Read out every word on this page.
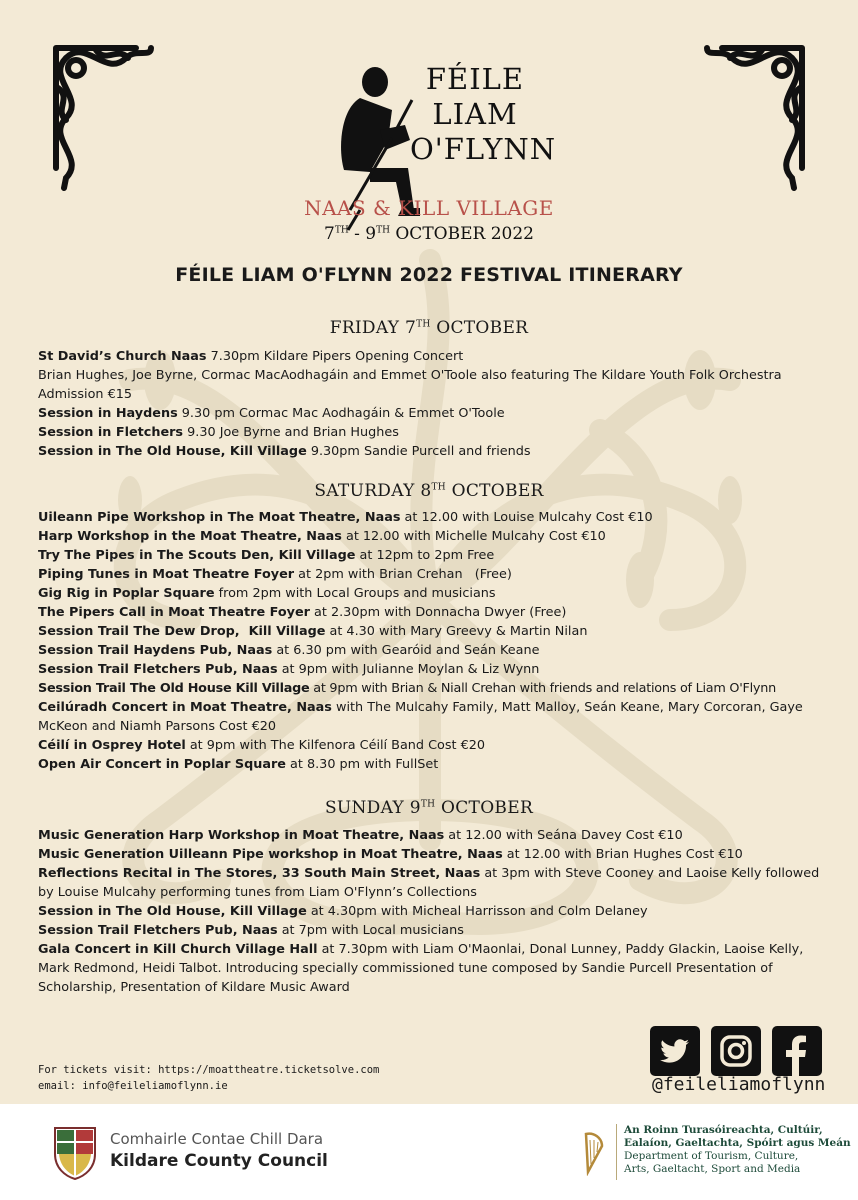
FÉILE
LIAM
O'FLYNN
NAAS & KILL VILLAGE
7TH - 9TH OCTOBER 2022
FÉILE LIAM O'FLYNN 2022 FESTIVAL ITINERARY
FRIDAY 7TH OCTOBER

St David’s Church Naas 7.30pm Kildare Pipers Opening Concert

Brian Hughes, Joe Byrne, Cormac MacAodhagáin and Emmet O'Toole also featuring The Kildare Youth Folk Orchestra

Admission €15

Session in Haydens 9.30 pm Cormac Mac Aodhagáin & Emmet O'Toole

Session in Fletchers 9.30 Joe Byrne and Brian Hughes

Session in The Old House, Kill Village 9.30pm Sandie Purcell and friends

SATURDAY 8TH OCTOBER

Uileann Pipe Workshop in The Moat Theatre, Naas at 12.00 with Louise Mulcahy Cost €10

Harp Workshop in the Moat Theatre, Naas at 12.00 with Michelle Mulcahy Cost €10

Try The Pipes in The Scouts Den, Kill Village at 12pm to 2pm Free

Piping Tunes in Moat Theatre Foyer at 2pm with Brian Crehan   (Free)

Gig Rig in Poplar Square from 2pm with Local Groups and musicians

The Pipers Call in Moat Theatre Foyer at 2.30pm with Donnacha Dwyer (Free)

Session Trail The Dew Drop,  Kill Village at 4.30 with Mary Greevy & Martin Nilan

Session Trail Haydens Pub, Naas at 6.30 pm with Gearóid and Seán Keane

Session Trail Fletchers Pub, Naas at 9pm with Julianne Moylan & Liz Wynn

Session Trail The Old House Kill Village at 9pm with Brian & Niall Crehan with friends and relations of Liam O'Flynn

Ceilúradh Concert in Moat Theatre, Naas with The Mulcahy Family, Matt Malloy, Seán Keane, Mary Corcoran, Gaye McKeon and Niamh Parsons Cost €20

Céilí in Osprey Hotel at 9pm with The Kilfenora Céilí Band Cost €20

Open Air Concert in Poplar Square at 8.30 pm with FullSet

SUNDAY 9TH OCTOBER

Music Generation Harp Workshop in Moat Theatre, Naas at 12.00 with Seána Davey Cost €10

Music Generation Uilleann Pipe workshop in Moat Theatre, Naas at 12.00 with Brian Hughes Cost €10

Reflections Recital in The Stores, 33 South Main Street, Naas at 3pm with Steve Cooney and Laoise Kelly followed by Louise Mulcahy performing tunes from Liam O'Flynn’s Collections

Session in The Old House, Kill Village at 4.30pm with Micheal Harrisson and Colm Delaney

Session Trail Fletchers Pub, Naas at 7pm with Local musicians

Gala Concert in Kill Church Village Hall at 7.30pm with Liam O'Maonlai, Donal Lunney, Paddy Glackin, Laoise Kelly, Mark Redmond, Heidi Talbot. Introducing specially commissioned tune composed by Sandie Purcell Presentation of Scholarship, Presentation of Kildare Music Award

For tickets visit: https://moattheatre.ticketsolve.com
email: info@feileliamoflynn.ie	@feileliamoflynn
Comhairle Contae Chill Dara
Kildare County Council
An Roinn Turasóireachta, Cultúir,
Ealaíon, Gaeltachta, Spóirt agus Meán
Department of Tourism, Culture,
Arts, Gaeltacht, Sport and Media
